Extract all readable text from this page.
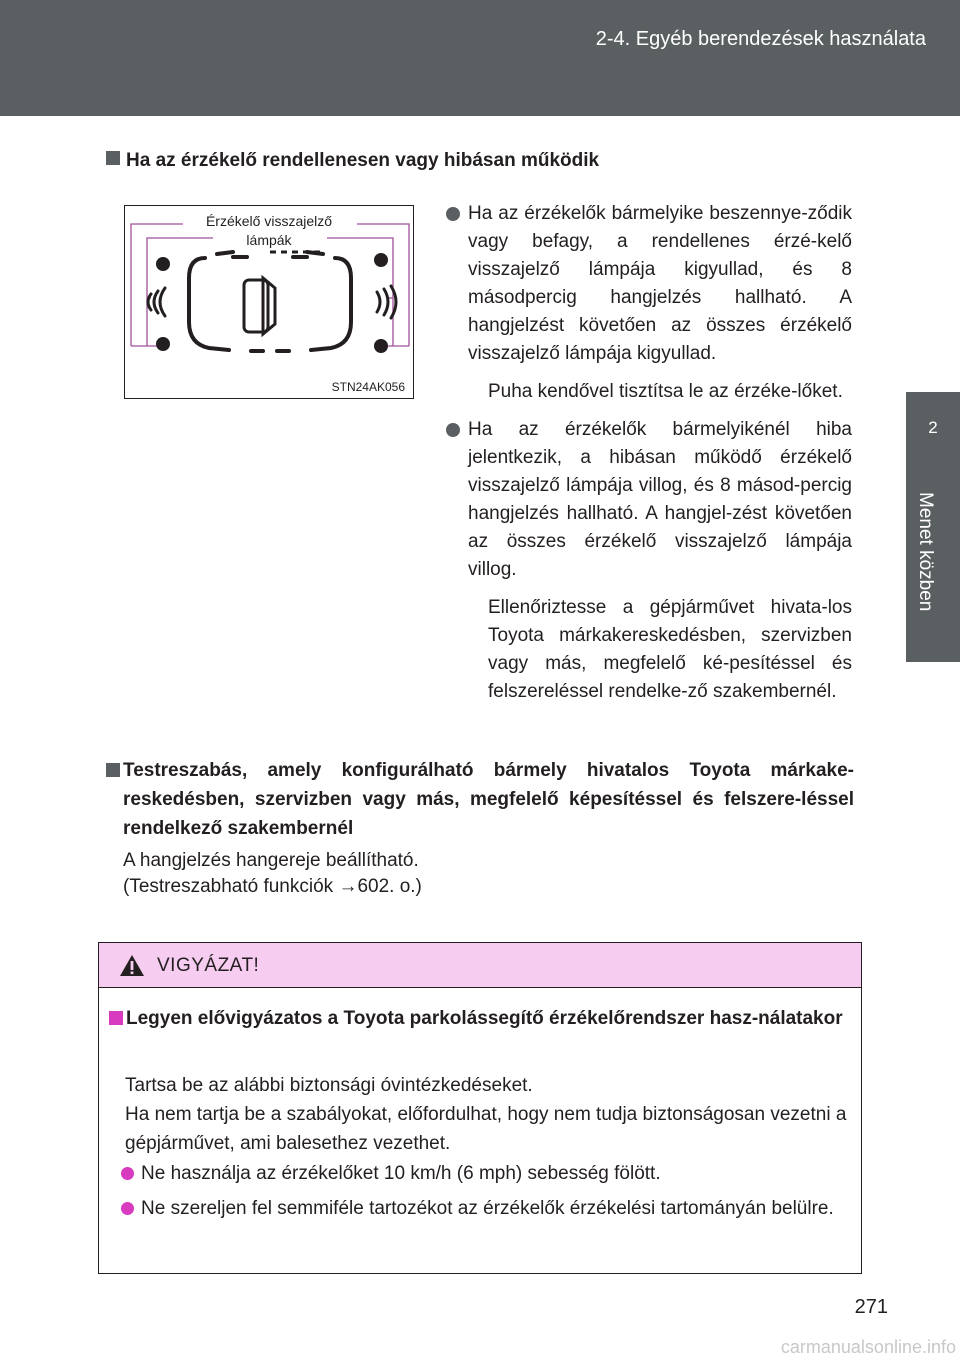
2-4. Egyéb berendezések használata
2
Menet közben
Ha az érzékelő rendellenesen vagy hibásan működik
Érzékelő visszajelző
lámpák
STN24AK056

Ha az érzékelők bármelyike beszennye-ződik vagy befagy, a rendellenes érzé-kelő visszajelző lámpája kigyullad, és 8 másodpercig hangjelzés hallható. A hangjelzést követően az összes érzékelő visszajelző lámpája kigyullad.

Puha kendővel tisztítsa le az érzéke-lőket.

Ha az érzékelők bármelyikénél hiba jelentkezik, a hibásan működő érzékelő visszajelző lámpája villog, és 8 másod-percig hangjelzés hallható. A hangjel-zést követően az összes érzékelő visszajelző lámpája villog.

Ellenőriztesse a gépjárművet hivata-los Toyota márkakereskedésben, szervizben vagy más, megfelelő ké-pesítéssel és felszereléssel rendelke-ző szakembernél.

Testreszabás, amely konfigurálható bármely hivatalos Toyota márkake-reskedésben, szervizben vagy más, megfelelő képesítéssel és felszere-léssel rendelkező szakembernél
A hangjelzés hangereje beállítható.
(Testreszabható funkciók →602. o.)
VIGYÁZAT!
Legyen elővigyázatos a Toyota parkolássegítő érzékelőrendszer hasz-nálatakor
Tartsa be az alábbi biztonsági óvintézkedéseket.
Ha nem tartja be a szabályokat, előfordulhat, hogy nem tudja biztonságosan vezetni a gépjárművet, ami balesethez vezethet.

Ne használja az érzékelőket 10 km/h (6 mph) sebesség fölött.

Ne szereljen fel semmiféle tartozékot az érzékelők érzékelési tartományán belülre.

271
carmanualsonline.info
